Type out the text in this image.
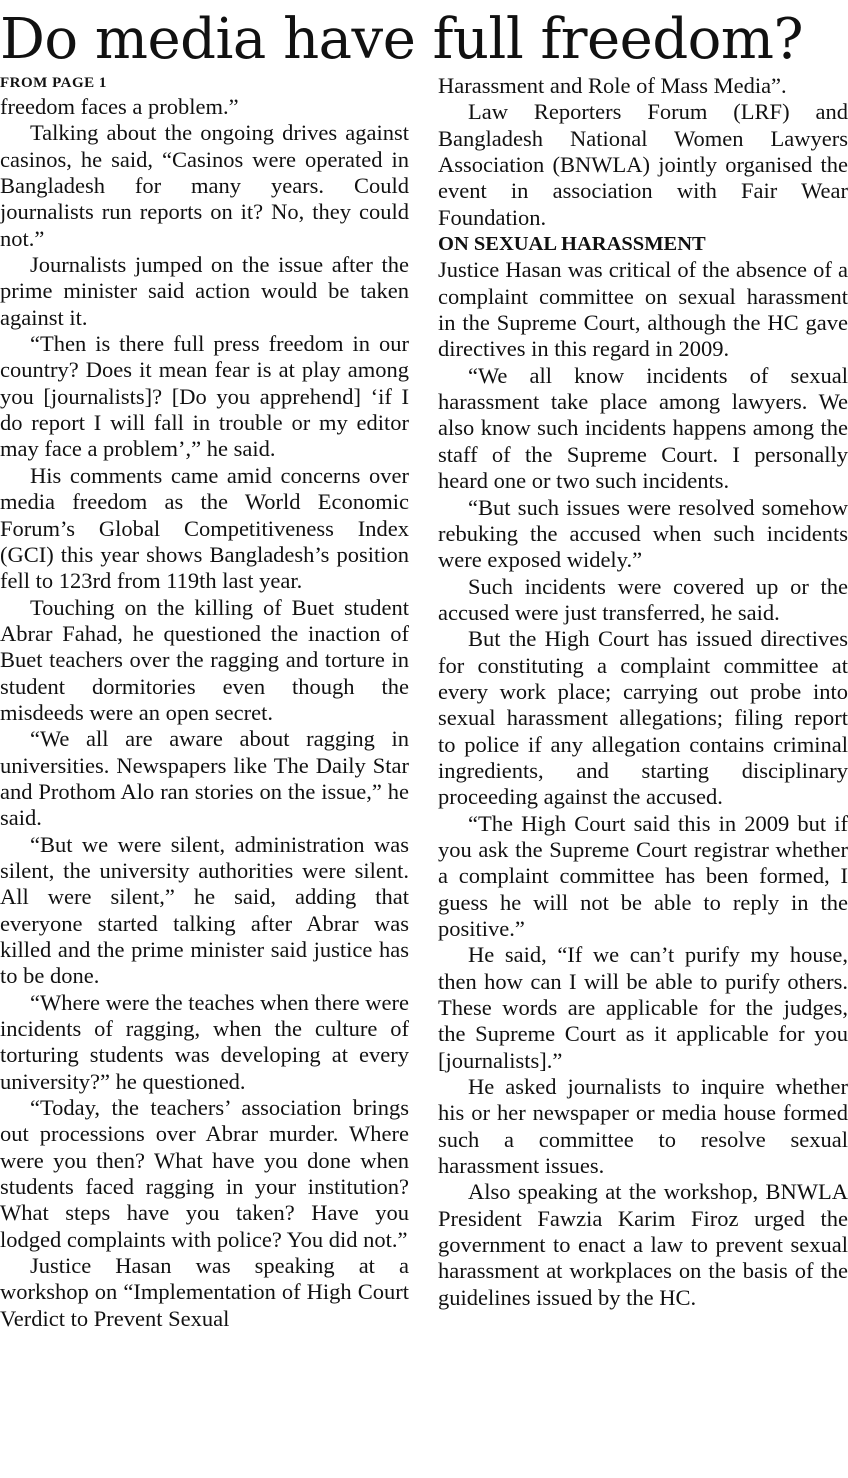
Do media have full freedom?
FROM PAGE 1

freedom faces a problem.”

Talking about the ongoing drives against casinos, he said, “Casinos were operated in Bangladesh for many years. Could journalists run reports on it? No, they could not.”

Journalists jumped on the issue after the prime minister said action would be taken against it.

“Then is there full press freedom in our country? Does it mean fear is at play among you [journalists]? [Do you apprehend] ‘if I do report I will fall in trouble or my editor may face a problem’,” he said.

His comments came amid concerns over media freedom as the World Economic Forum’s Global Competitiveness Index (GCI) this year shows Bangladesh’s position fell to 123rd from 119th last year.

Touching on the killing of Buet student Abrar Fahad, he questioned the inaction of Buet teachers over the ragging and torture in student dormitories even though the misdeeds were an open secret.

“We all are aware about ragging in universities. Newspapers like The Daily Star and Prothom Alo ran stories on the issue,” he said.

“But we were silent, administration was silent, the university authorities were silent. All were silent,” he said, adding that everyone started talking after Abrar was killed and the prime minister said justice has to be done.

“Where were the teaches when there were incidents of ragging, when the culture of torturing students was developing at every university?” he questioned.

“Today, the teachers’ association brings out processions over Abrar murder. Where were you then? What have you done when students faced ragging in your institution? What steps have you taken? Have you lodged complaints with police? You did not.”

Justice Hasan was speaking at a workshop on “Implementation of High Court Verdict to Prevent Sexual

Harassment and Role of Mass Media”.

Law Reporters Forum (LRF) and Bangladesh National Women Lawyers Association (BNWLA) jointly organised the event in association with Fair Wear Foundation.

ON SEXUAL HARASSMENT

Justice Hasan was critical of the absence of a complaint committee on sexual harassment in the Supreme Court, although the HC gave directives in this regard in 2009.

“We all know incidents of sexual harassment take place among lawyers. We also know such incidents happens among the staff of the Supreme Court. I personally heard one or two such incidents.

“But such issues were resolved somehow rebuking the accused when such incidents were exposed widely.”

Such incidents were covered up or the accused were just transferred, he said.

But the High Court has issued directives for constituting a complaint committee at every work place; carrying out probe into sexual harassment allegations; filing report to police if any allegation contains criminal ingredients, and starting disciplinary proceeding against the accused.

“The High Court said this in 2009 but if you ask the Supreme Court registrar whether a complaint committee has been formed, I guess he will not be able to reply in the positive.”

He said, “If we can’t purify my house, then how can I will be able to purify others. These words are applicable for the judges, the Supreme Court as it applicable for you [journalists].”

He asked journalists to inquire whether his or her newspaper or media house formed such a committee to resolve sexual harassment issues.

Also speaking at the workshop, BNWLA President Fawzia Karim Firoz urged the government to enact a law to prevent sexual harassment at workplaces on the basis of the guidelines issued by the HC.
